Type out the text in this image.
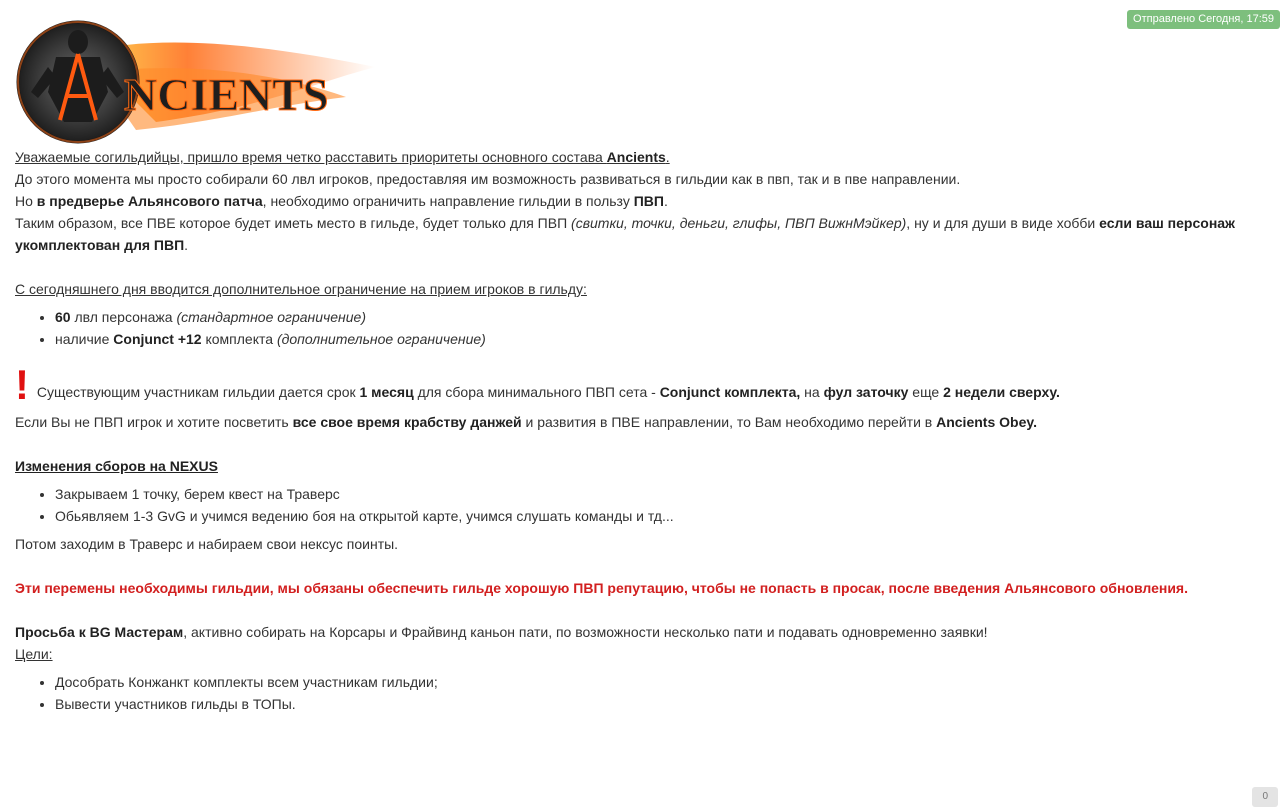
Отправлено Сегодня, 17:59
NCIENTS

Уважаемые согильдийцы, пришло время четко расставить приоритеты основного состава Ancients.

До этого момента мы просто собирали 60 лвл игроков, предоставляя им возможность развиваться в гильдии как в пвп, так и в пве направлении.

Но в предверье Альянсового патча, необходимо ограничить направление гильдии в пользу ПВП.

Таким образом, все ПВЕ которое будет иметь место в гильде, будет только для ПВП (свитки, точки, деньги, глифы, ПВП ВижнМэйкер), ну и для души в виде хобби если ваш персонаж укомплектован для ПВП.

С сегодняшнего дня вводится дополнительное ограничение на прием игроков в гильду:

• 60 лвл персонажа (стандартное ограничение)
• наличие Conjunct +12 комплекта (дополнительное ограничение)

! Существующим участникам гильдии дается срок 1 месяц для сбора минимального ПВП сета - Conjunct комплекта, на фул заточку еще 2 недели сверху.

Если Вы не ПВП игрок и хотите посветить все свое время крабству данжей и развития в ПВЕ направлении, то Вам необходимо перейти в Ancients Obey.

Изменения сборов на NEXUS

• Закрываем 1 точку, берем квест на Траверс
• Обьявляем 1-3 GvG и учимся ведению боя на открытой карте, учимся слушать команды и тд...

Потом заходим в Траверс и набираем свои нексус поинты.

Эти перемены необходимы гильдии, мы обязаны обеспечить гильде хорошую ПВП репутацию, чтобы не попасть в просак, после введения Альянсового обновления.

Просьба к BG Мастерам, активно собирать на Корсары и Фрайвинд каньон пати, по возможности несколько пати и подавать одновременно заявки!

Цели:

• Дособрать Конжанкт комплекты всем участникам гильдии;
• Вывести участников гильды в ТОПы.
0
